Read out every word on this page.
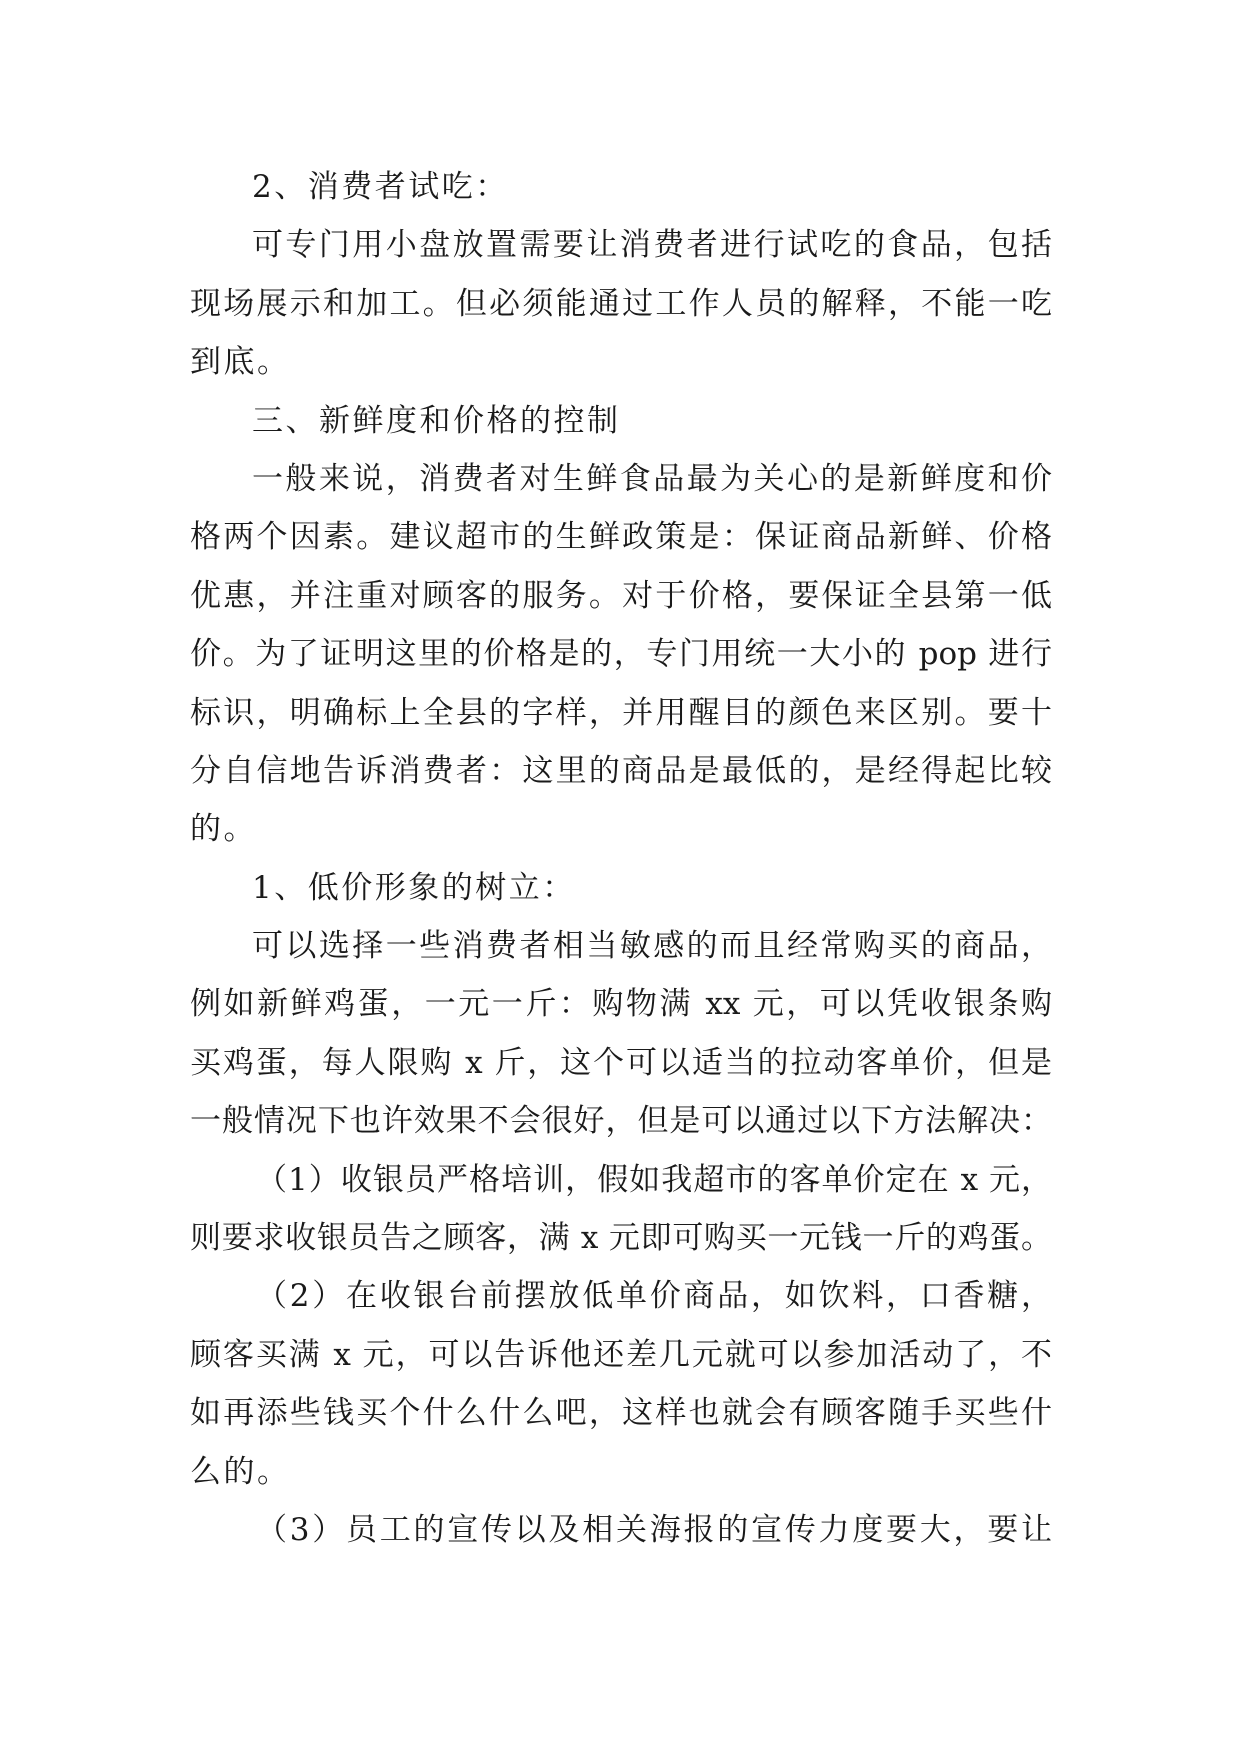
2、消费者试吃：
可专门用小盘放置需要让消费者进行试吃的食品，包括
现场展示和加工。但必须能通过工作人员的解释，不能一吃
到底。
三、新鲜度和价格的控制
一般来说，消费者对生鲜食品最为关心的是新鲜度和价
格两个因素。建议超市的生鲜政策是：保证商品新鲜、价格
优惠，并注重对顾客的服务。对于价格，要保证全县第一低
价。为了证明这里的价格是的，专门用统一大小的 pop 进行
标识，明确标上全县的字样，并用醒目的颜色来区别。要十
分自信地告诉消费者：这里的商品是最低的，是经得起比较
的。
1、低价形象的树立：
可以选择一些消费者相当敏感的而且经常购买的商品，
例如新鲜鸡蛋，一元一斤：购物满 xx 元，可以凭收银条购
买鸡蛋，每人限购 x 斤，这个可以适当的拉动客单价，但是
一般情况下也许效果不会很好，但是可以通过以下方法解决：
（1）收银员严格培训，假如我超市的客单价定在 x 元，
则要求收银员告之顾客，满 x 元即可购买一元钱一斤的鸡蛋。
（2）在收银台前摆放低单价商品，如饮料，口香糖，
顾客买满 x 元，可以告诉他还差几元就可以参加活动了，不
如再添些钱买个什么什么吧，这样也就会有顾客随手买些什
么的。
（3）员工的宣传以及相关海报的宣传力度要大，要让
